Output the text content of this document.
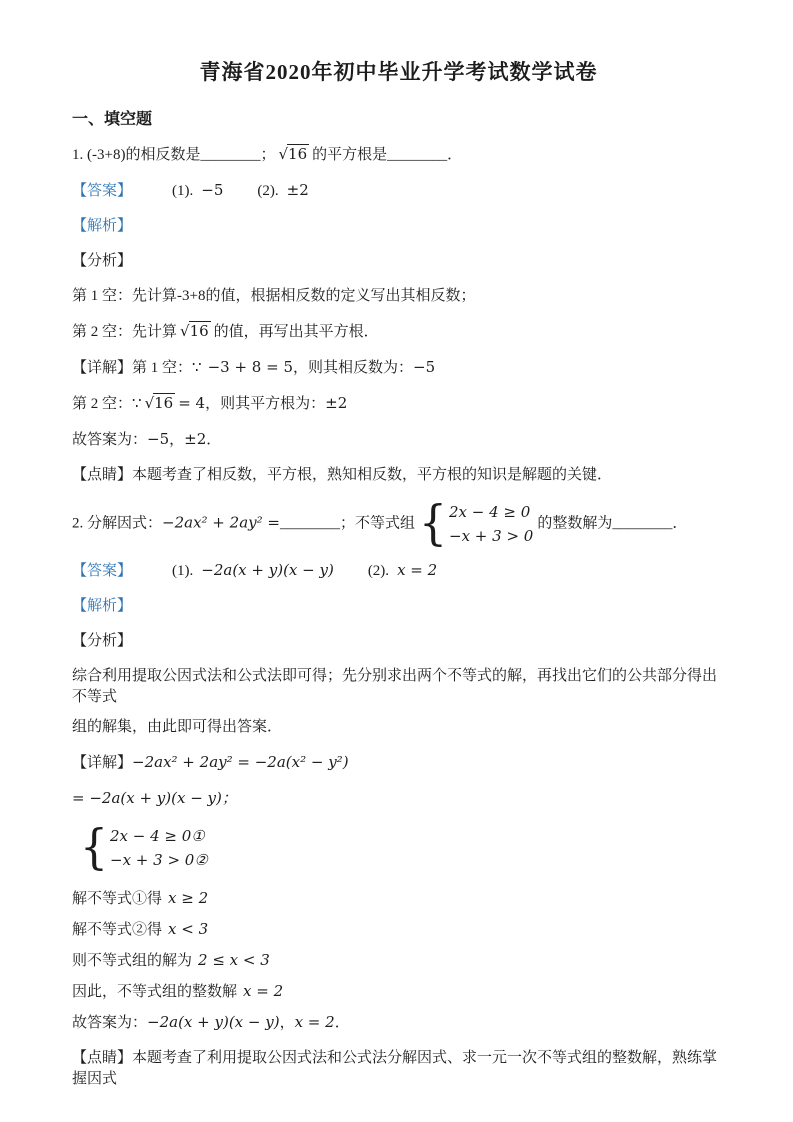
青海省2020年初中毕业升学考试数学试卷
一、填空题

1. (-3+8)的相反数是________； √16 的平方根是________．

【答案】	(1). −5 (2). ±2

【解析】

【分析】

第 1 空：先计算-3+8的值，根据相反数的定义写出其相反数；

第 2 空：先计算 √16 的值，再写出其平方根．

【详解】第 1 空：∵ −3 + 8 = 5，则其相反数为：−5

第 2 空：∵ √16 = 4，则其平方根为：±2

故答案为：−5，±2．

【点睛】本题考查了相反数，平方根，熟知相反数，平方根的知识是解题的关键．

2. 分解因式：−2ax² + 2ay² =________；不等式组 { 2x − 4 ≥ 0
−x + 3 > 0
的整数解为________．

【答案】	(1). −2a(x + y)(x − y) (2). x = 2

【解析】

【分析】

综合利用提取公因式法和公式法即可得；先分别求出两个不等式的解，再找出它们的公共部分得出不等式

组的解集，由此即可得出答案．

【详解】−2ax² + 2ay² = −2a(x² − y²)

= −2a(x + y)(x − y)；

{ 2x − 4 ≥ 0①
−x + 3 > 0②

解不等式①得 x ≥ 2

解不等式②得 x < 3

则不等式组的解为 2 ≤ x < 3

因此，不等式组的整数解 x = 2

故答案为：−2a(x + y)(x − y)，x = 2．

【点睛】本题考查了利用提取公因式法和公式法分解因式、求一元一次不等式组的整数解，熟练掌握因式
